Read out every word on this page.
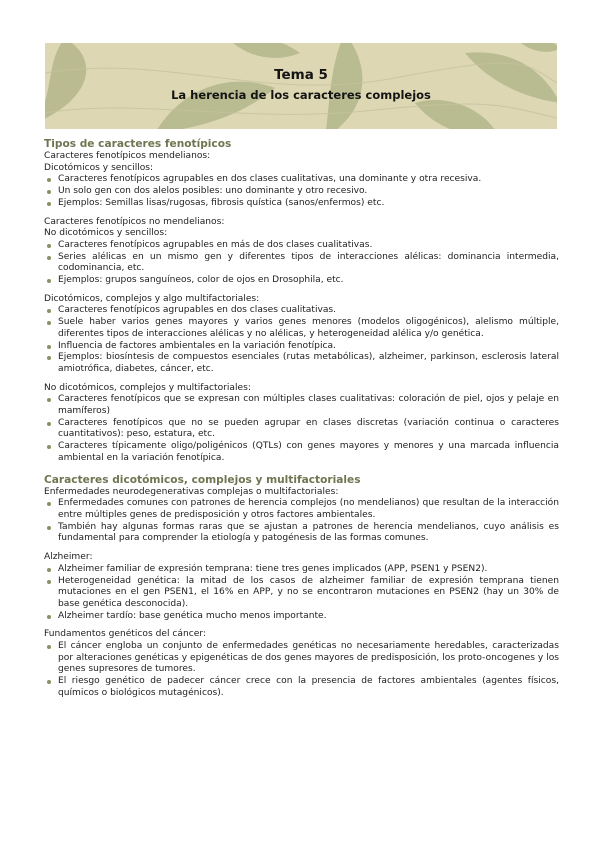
Tema 5
La herencia de los caracteres complejos
Tipos de caracteres fenotípicos

Caracteres fenotípicos mendelianos:

Dicotómicos y sencillos:

Caracteres fenotípicos agrupables en dos clases cualitativas, una dominante y otra recesiva.
Un solo gen con dos alelos posibles: uno dominante y otro recesivo.
Ejemplos: Semillas lisas/rugosas, fibrosis quística (sanos/enfermos) etc.

Caracteres fenotípicos no mendelianos:

No dicotómicos y sencillos:

Caracteres fenotípicos agrupables en más de dos clases cualitativas.
Series alélicas en un mismo gen y diferentes tipos de interacciones alélicas: dominancia intermedia, codominancia, etc.
Ejemplos: grupos sanguíneos, color de ojos en Drosophila, etc.

Dicotómicos, complejos y algo multifactoriales:

Caracteres fenotípicos agrupables en dos clases cualitativas.
Suele haber varios genes mayores y varios genes menores (modelos oligogénicos), alelismo múltiple, diferentes tipos de interacciones alélicas y no alélicas, y heterogeneidad alélica y/o genética.
Influencia de factores ambientales en la variación fenotípica.
Ejemplos: biosíntesis de compuestos esenciales (rutas metabólicas), alzheimer, parkinson, esclerosis lateral amiotrófica, diabetes, cáncer, etc.

No dicotómicos, complejos y multifactoriales:

Caracteres fenotípicos que se expresan con múltiples clases cualitativas: coloración de piel, ojos y pelaje en mamíferos)
Caracteres fenotípicos que no se pueden agrupar en clases discretas (variación continua o caracteres cuantitativos): peso, estatura, etc.
Caracteres típicamente oligo/poligénicos (QTLs) con genes mayores y menores y una marcada influencia ambiental en la variación fenotípica.
Caracteres dicotómicos, complejos y multifactoriales

Enfermedades neurodegenerativas complejas o multifactoriales:

Enfermedades comunes con patrones de herencia complejos (no mendelianos) que resultan de la interacción entre múltiples genes de predisposición y otros factores ambientales.
También hay algunas formas raras que se ajustan a patrones de herencia mendelianos, cuyo análisis es fundamental para comprender la etiología y patogénesis de las formas comunes.

Alzheimer:

Alzheimer familiar de expresión temprana: tiene tres genes implicados (APP, PSEN1 y PSEN2).
Heterogeneidad genética: la mitad de los casos de alzheimer familiar de expresión temprana tienen mutaciones en el gen PSEN1, el 16% en APP, y no se encontraron mutaciones en PSEN2 (hay un 30% de base genética desconocida).
Alzheimer tardío: base genética mucho menos importante.

Fundamentos genéticos del cáncer:

El cáncer engloba un conjunto de enfermedades genéticas no necesariamente heredables, caracterizadas por alteraciones genéticas y epigenéticas de dos genes mayores de predisposición, los proto-oncogenes y los genes supresores de tumores.
El riesgo genético de padecer cáncer crece con la presencia de factores ambientales (agentes físicos, químicos o biológicos mutagénicos).
